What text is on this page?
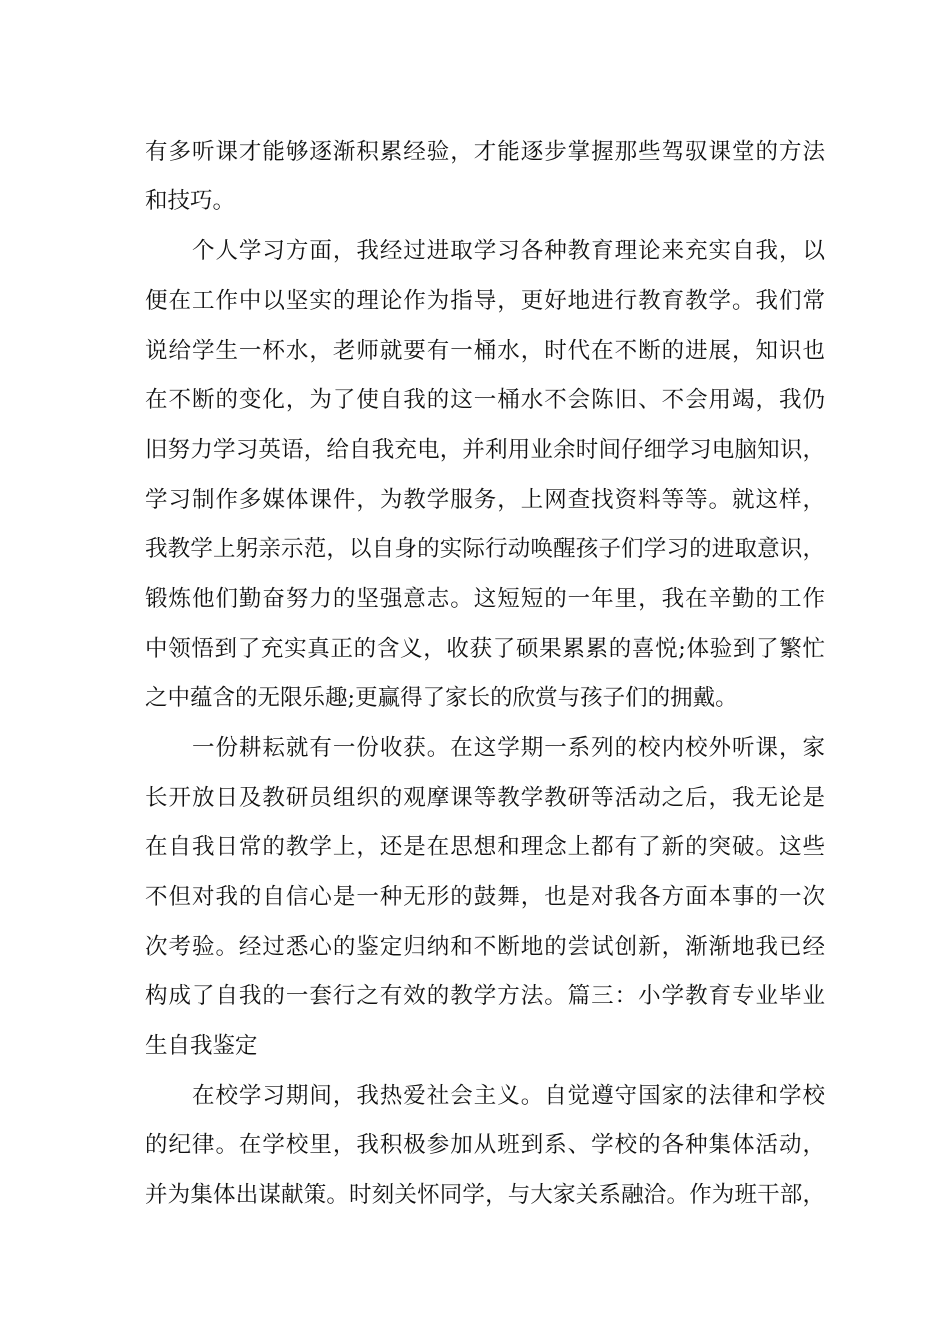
有多听课才能够逐渐积累经验，才能逐步掌握那些驾驭课堂的方法
和技巧。
　　个人学习方面，我经过进取学习各种教育理论来充实自我，以
便在工作中以坚实的理论作为指导，更好地进行教育教学。我们常
说给学生一杯水，老师就要有一桶水，时代在不断的进展，知识也
在不断的变化，为了使自我的这一桶水不会陈旧、不会用竭，我仍
旧努力学习英语，给自我充电，并利用业余时间仔细学习电脑知识，
学习制作多媒体课件，为教学服务，上网查找资料等等。就这样，
我教学上躬亲示范，以自身的实际行动唤醒孩子们学习的进取意识，
锻炼他们勤奋努力的坚强意志。这短短的一年里，我在辛勤的工作
中领悟到了充实真正的含义，收获了硕果累累的喜悦;体验到了繁忙
之中蕴含的无限乐趣;更赢得了家长的欣赏与孩子们的拥戴。
　　一份耕耘就有一份收获。在这学期一系列的校内校外听课，家
长开放日及教研员组织的观摩课等教学教研等活动之后，我无论是
在自我日常的教学上，还是在思想和理念上都有了新的突破。这些
不但对我的自信心是一种无形的鼓舞，也是对我各方面本事的一次
次考验。经过悉心的鉴定归纳和不断地的尝试创新，渐渐地我已经
构成了自我的一套行之有效的教学方法。篇三：小学教育专业毕业
生自我鉴定
　　在校学习期间，我热爱社会主义。自觉遵守国家的法律和学校
的纪律。在学校里，我积极参加从班到系、学校的各种集体活动，
并为集体出谋献策。时刻关怀同学，与大家关系融洽。作为班干部，
